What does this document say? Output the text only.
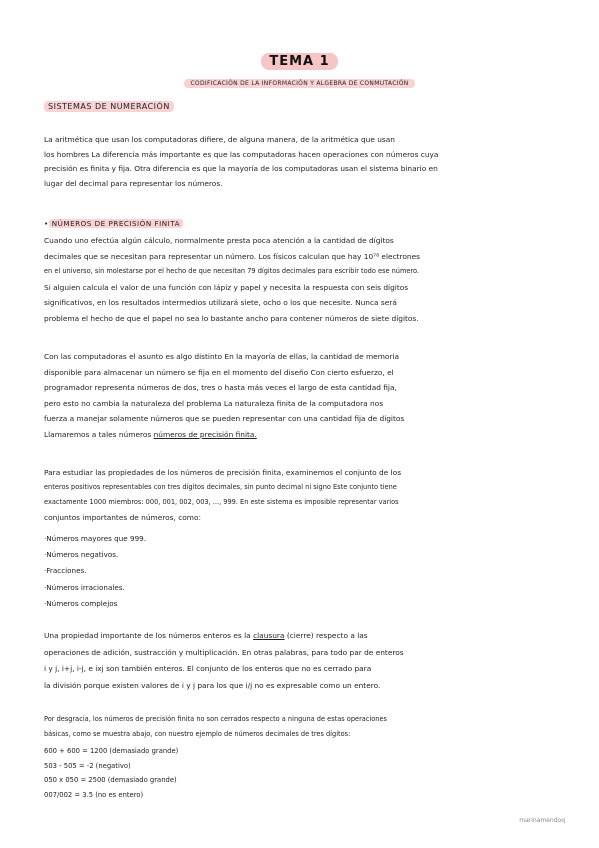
TEMA 1
CODIFICACIÓN DE LA INFORMACIÓN Y ALGEBRA DE CONMUTACIÓN
SISTEMAS DE NUMERACIÓN
La aritmética que usan los computadoras difiere, de alguna manera, de la aritmética que usan
los hombres La diferencia más importante es que las computadoras hacen operaciones con números cuya
precisión es finita y fija. Otra diferencia es que la mayoría de los computadoras usan el sistema binario en
lugar del decimal para representar los números.
• NÚMEROS DE PRECISIÓN FINITA
Cuando uno efectúa algún cálculo, normalmente presta poca atención a la cantidad de dígitos
decimales que se necesitan para representar un número. Los físicos calculan que hay 10⁷⁸ electrones
en el universo, sin molestarse por el hecho de que necesitan 79 dígitos decimales para escribir todo ese número.
Si alguien calcula el valor de una función con lápiz y papel y necesita la respuesta con seis dígitos
significativos, en los resultados intermedios utilizará siete, ocho o los que necesite. Nunca será
problema el hecho de que el papel no sea lo bastante ancho para contener números de siete dígitos.
Con las computadoras el asunto es algo distinto En la mayoría de ellas, la cantidad de memoria
disponible para almacenar un número se fija en el momento del diseño Con cierto esfuerzo, el
programador representa números de dos, tres o hasta más veces el largo de esta cantidad fija,
pero esto no cambia la naturaleza del problema La naturaleza finita de la computadora nos
fuerza a manejar solamente números que se pueden representar con una cantidad fija de dígitos
Llamaremos a tales números números de precisión finita.
Para estudiar las propiedades de los números de precisión finita, examinemos el conjunto de los
enteros positivos representables con tres dígitos decimales, sin punto decimal ni signo Este conjunto tiene
exactamente 1000 miembros: 000, 001, 002, 003, ..., 999. En este sistema es imposible representar varios
conjuntos importantes de números, como:
·Números mayores que 999.
·Números negativos.
·Fracciones.
·Números irracionales.
·Números complejos
Una propiedad importante de los números enteros es la clausura (cierre) respecto a las
operaciones de adición, sustracción y multiplicación. En otras palabras, para todo par de enteros
i y j, i+j, i-j, e ixj son también enteros. El conjunto de los enteros que no es cerrado para
la división porque existen valores de i y j para los que i/j no es expresable como un entero.
Por desgracia, los números de precisión finita no son cerrados respecto a ninguna de estas operaciones
básicas, como se muestra abajo, con nuestro ejemplo de números decimales de tres dígitos:
600 + 600 = 1200 (demasiado grande)
503 - 505 = -2 (negativo)
050 x 050 = 2500 (demasiado grande)
007/002 = 3.5 (no es entero)
marinamendoq
